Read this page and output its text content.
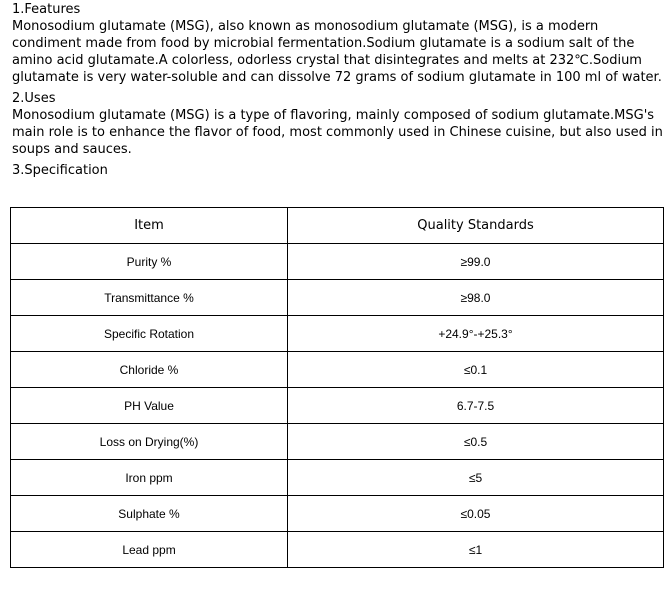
1.Features

Monosodium glutamate (MSG), also known as monosodium glutamate (MSG), is a modern condiment made from food by microbial fermentation.Sodium glutamate is a sodium salt of the amino acid glutamate.A colorless, odorless crystal that disintegrates and melts at 232℃.Sodium glutamate is very water-soluble and can dissolve 72 grams of sodium glutamate in 100 ml of water.

2.Uses

Monosodium glutamate (MSG) is a type of flavoring, mainly composed of sodium glutamate.MSG's main role is to enhance the flavor of food, most commonly used in Chinese cuisine, but also used in soups and sauces.

3.Specification
Item	Quality Standards
Purity %	≥99.0
Transmittance %	≥98.0
Specific Rotation	+24.9°-+25.3°
Chloride %	≤0.1
PH Value	6.7-7.5
Loss on Drying(%)	≤0.5
Iron ppm	≤5
Sulphate %	≤0.05
Lead ppm	≤1
